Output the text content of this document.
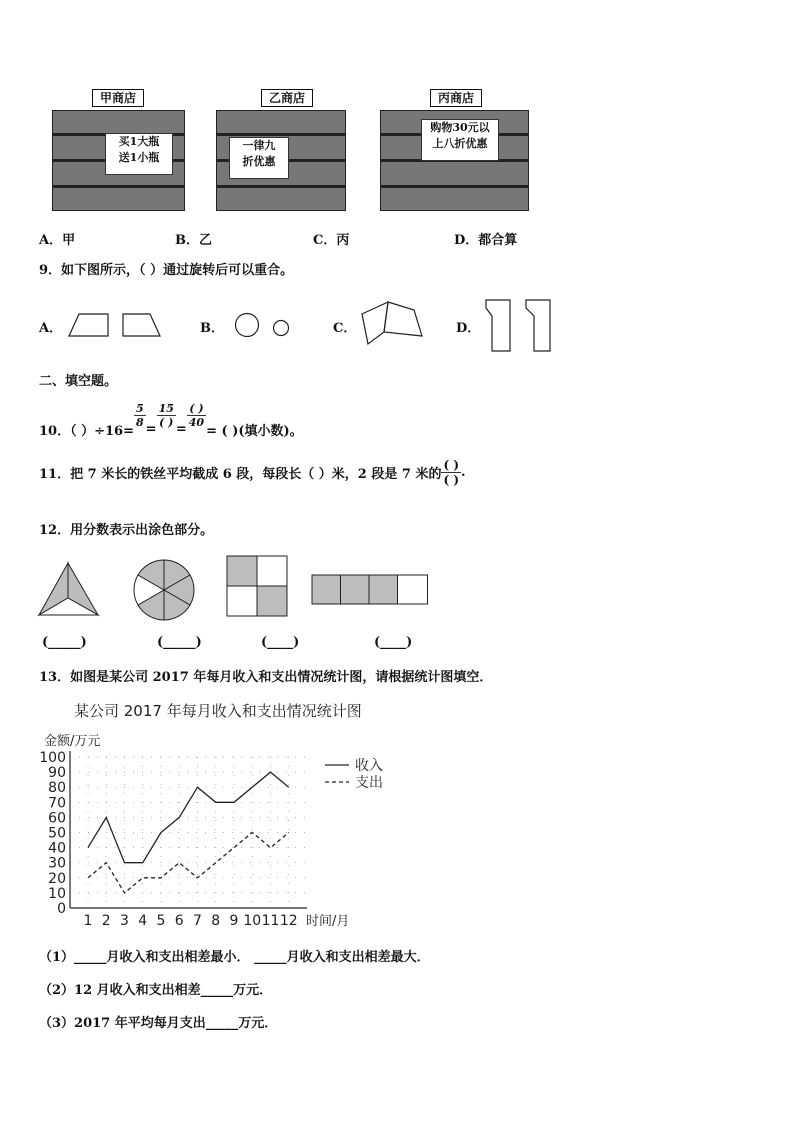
买1大瓶
送1小瓶
甲商店
一律九
折优惠
乙商店
购物30元以
上八折优惠
丙商店
A．甲	B．乙	C．丙	D．都合算
9．如下图所示，（ ）通过旋转后可以重合。
A．	B．	C．	D．
二、填空题。
10．（ ）÷16=
$\frac{5}{8}$
=
$\frac{15}{( )}$
=
$\frac{( )}{40}$
= ( )(填小数)。
11．把 7 米长的铁丝平均截成 6 段，每段长（ ）米，2 段是 7 米的 $\frac{( )}{( )}$ .
12．用分数表示出涂色部分。
(_____)	(_____)	(____)	(____)
13．如图是某公司 2017 年每月收入和支出情况统计图，请根据统计图填空．
某公司 2017 年每月收入和支出情况统计图
金额/万元
时间/月
0
10
20
30
40
50
60
70
80
90
100
1 2 3 4 5 6 7 8 9 10 11 12
收入
支出
（1）_____月收入和支出相差最小． _____月收入和支出相差最大．
（2）12 月收入和支出相差_____万元．
（3）2017 年平均每月支出_____万元．
